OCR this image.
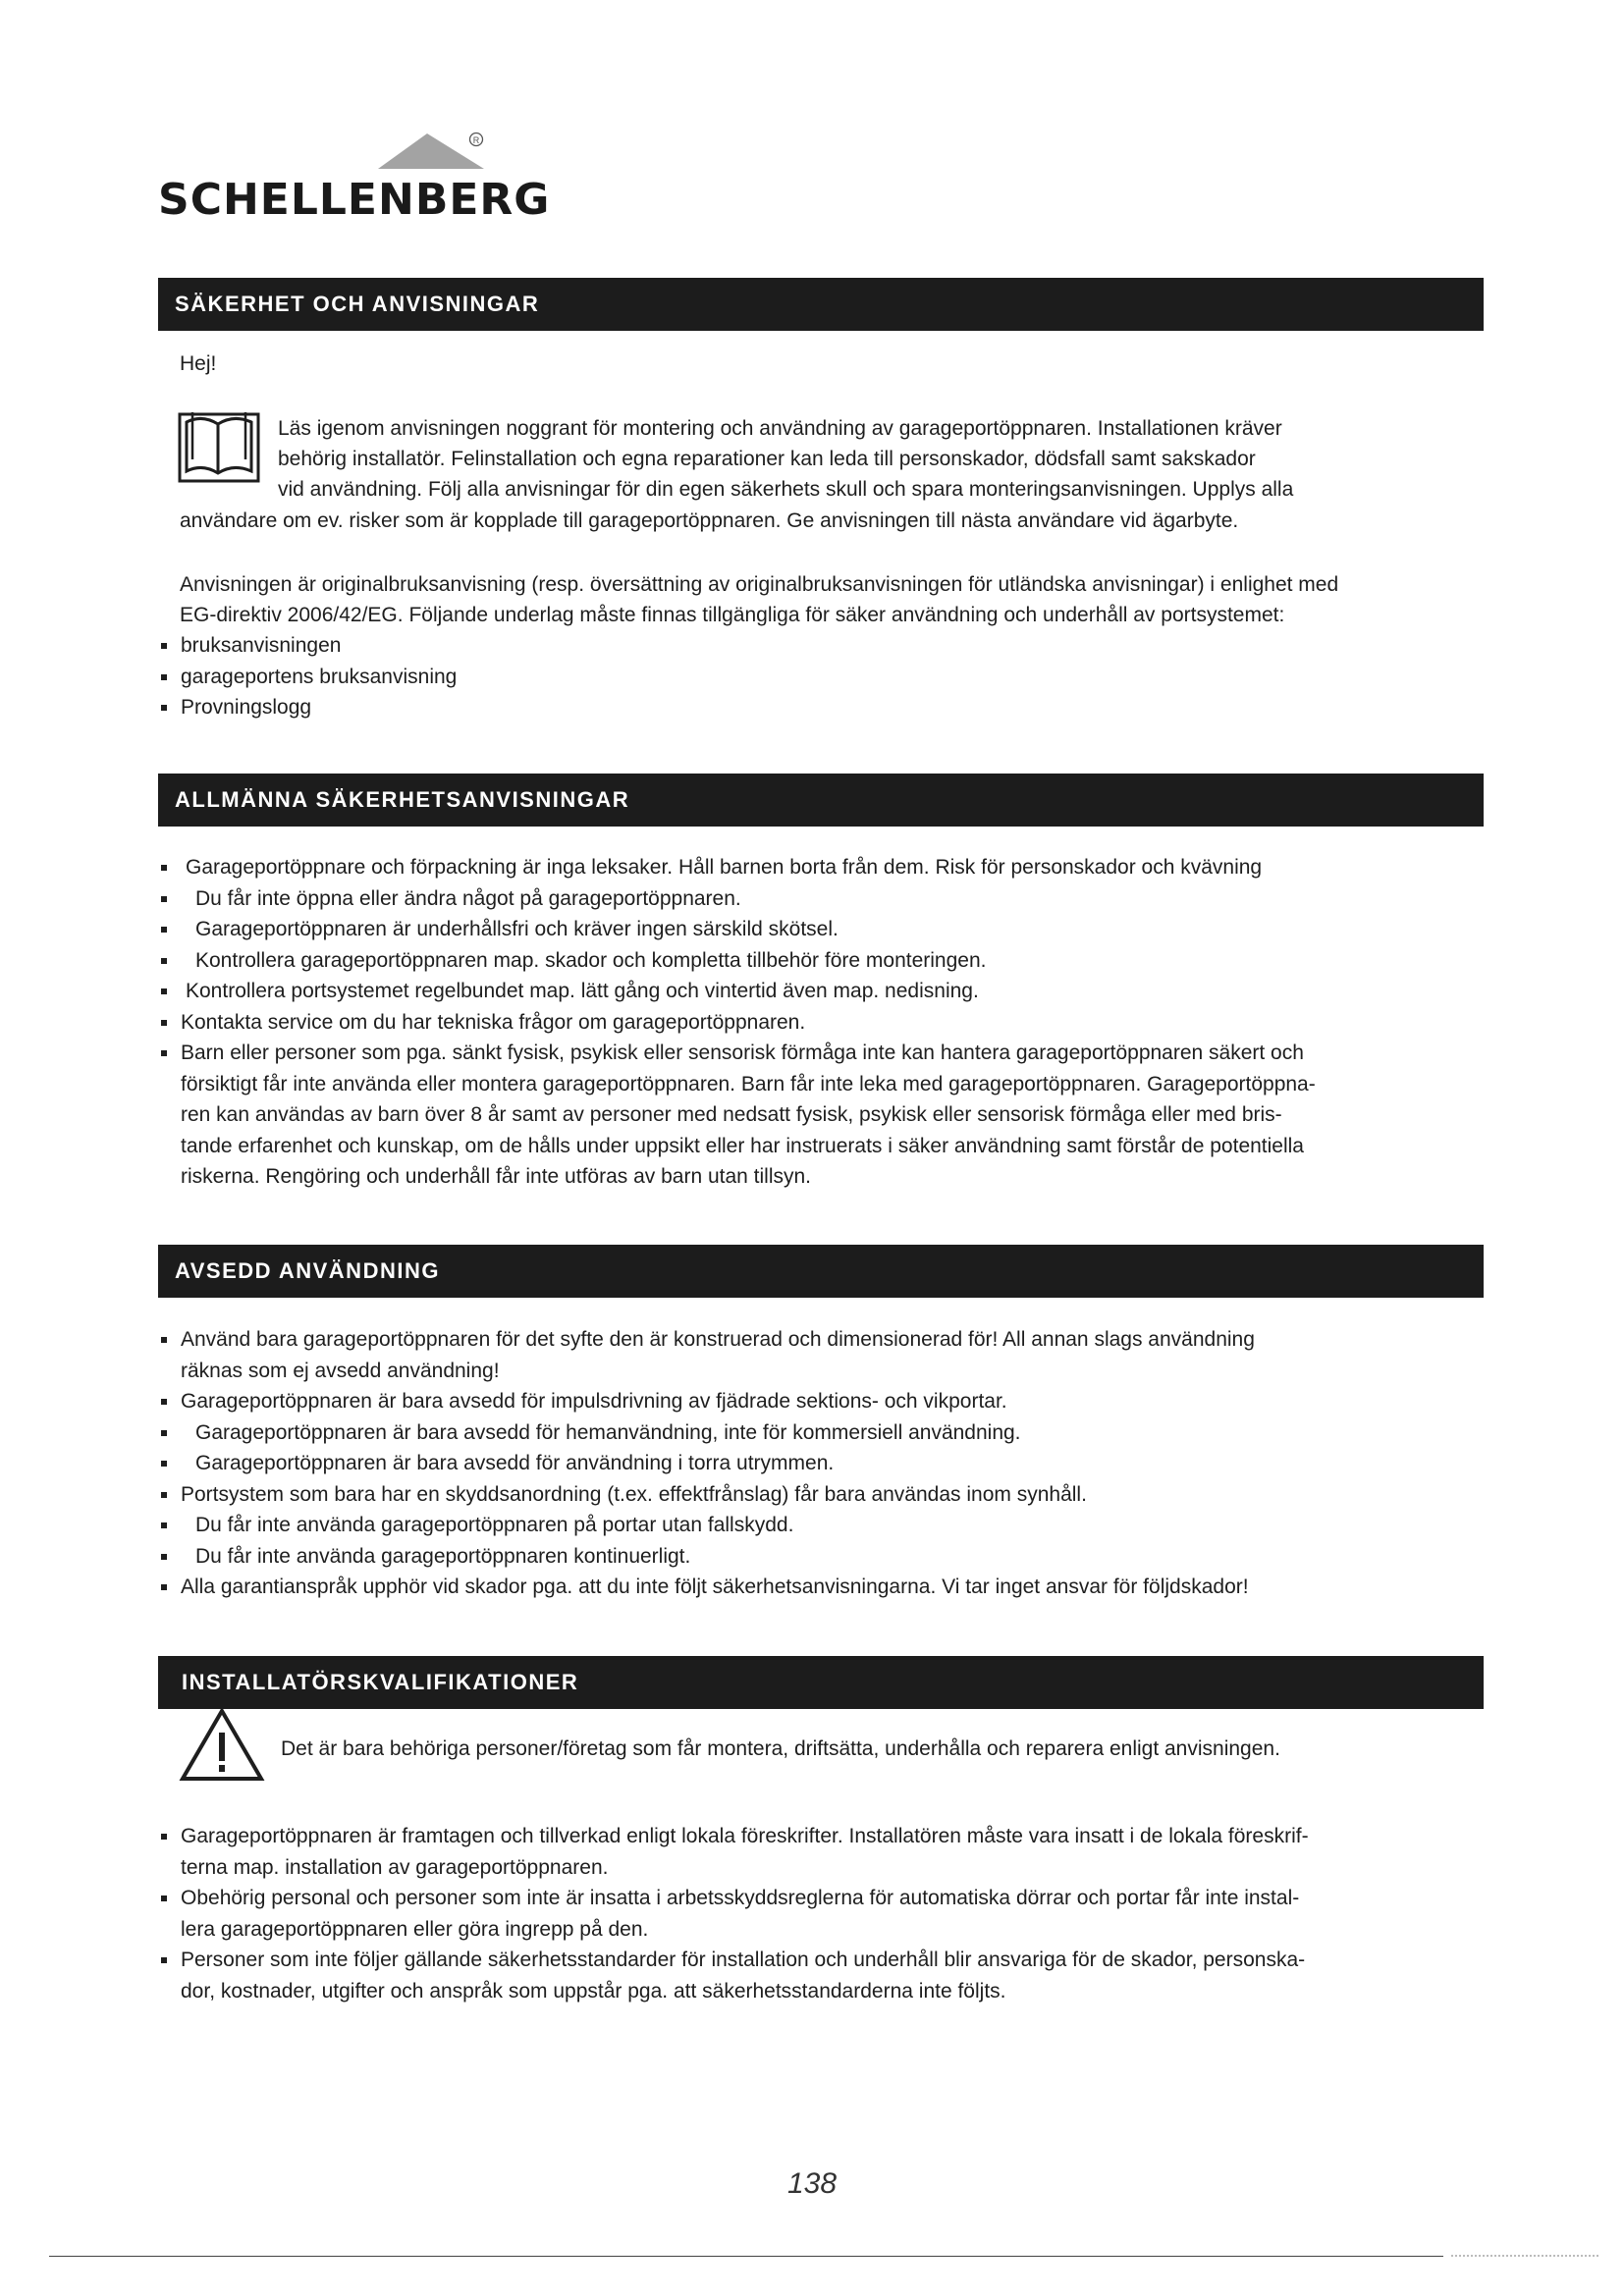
R
SCHELLENBERG
SÄKERHET OCH ANVISNINGAR
Hej!
Läs igenom anvisningen noggrant för montering och användning av garageportöppnaren. Installationen kräver
behörig installatör. Felinstallation och egna reparationer kan leda till personskador, dödsfall samt sakskador
vid användning. Följ alla anvisningar för din egen säkerhets skull och spara monteringsanvisningen. Upplys alla
användare om ev. risker som är kopplade till garageportöppnaren. Ge anvisningen till nästa användare vid ägarbyte.
Anvisningen är originalbruksanvisning (resp. översättning av originalbruksanvisningen för utländska anvisningar) i enlighet med
EG-direktiv 2006/42/EG. Följande underlag måste finnas tillgängliga för säker användning och underhåll av portsystemet:
bruksanvisningen
garageportens bruksanvisning
Provningslogg
ALLMÄNNA SÄKERHETSANVISNINGAR
Garageportöppnare och förpackning är inga leksaker. Håll barnen borta från dem. Risk för personskador och kvävning
Du får inte öppna eller ändra något på garageportöppnaren.
Garageportöppnaren är underhållsfri och kräver ingen särskild skötsel.
Kontrollera garageportöppnaren map. skador och kompletta tillbehör före monteringen.
Kontrollera portsystemet regelbundet map. lätt gång och vintertid även map. nedisning.
Kontakta service om du har tekniska frågor om garageportöppnaren.
Barn eller personer som pga. sänkt fysisk, psykisk eller sensorisk förmåga inte kan hantera garageportöppnaren säkert och
försiktigt får inte använda eller montera garageportöppnaren. Barn får inte leka med garageportöppnaren. Garageportöppna-
ren kan användas av barn över 8 år samt av personer med nedsatt fysisk, psykisk eller sensorisk förmåga eller med bris-
tande erfarenhet och kunskap, om de hålls under uppsikt eller har instruerats i säker användning samt förstår de potentiella
riskerna. Rengöring och underhåll får inte utföras av barn utan tillsyn.
AVSEDD ANVÄNDNING
Använd bara garageportöppnaren för det syfte den är konstruerad och dimensionerad för! All annan slags användning
räknas som ej avsedd användning!
Garageportöppnaren är bara avsedd för impulsdrivning av fjädrade sektions- och vikportar.
Garageportöppnaren är bara avsedd för hemanvändning, inte för kommersiell användning.
Garageportöppnaren är bara avsedd för användning i torra utrymmen.
Portsystem som bara har en skyddsanordning (t.ex. effektfrånslag) får bara användas inom synhåll.
Du får inte använda garageportöppnaren på portar utan fallskydd.
Du får inte använda garageportöppnaren kontinuerligt.
Alla garantianspråk upphör vid skador pga. att du inte följt säkerhetsanvisningarna. Vi tar inget ansvar för följdskador!
INSTALLATÖRSKVALIFIKATIONER
Det är bara behöriga personer/företag som får montera, driftsätta, underhålla och reparera enligt anvisningen.
Garageportöppnaren är framtagen och tillverkad enligt lokala föreskrifter. Installatören måste vara insatt i de lokala föreskrif-
terna map. installation av garageportöppnaren.
Obehörig personal och personer som inte är insatta i arbetsskyddsreglerna för automatiska dörrar och portar får inte instal-
lera garageportöppnaren eller göra ingrepp på den.
Personer som inte följer gällande säkerhetsstandarder för installation och underhåll blir ansvariga för de skador, personska-
dor, kostnader, utgifter och anspråk som uppstår pga. att säkerhetsstandarderna inte följts.
138
